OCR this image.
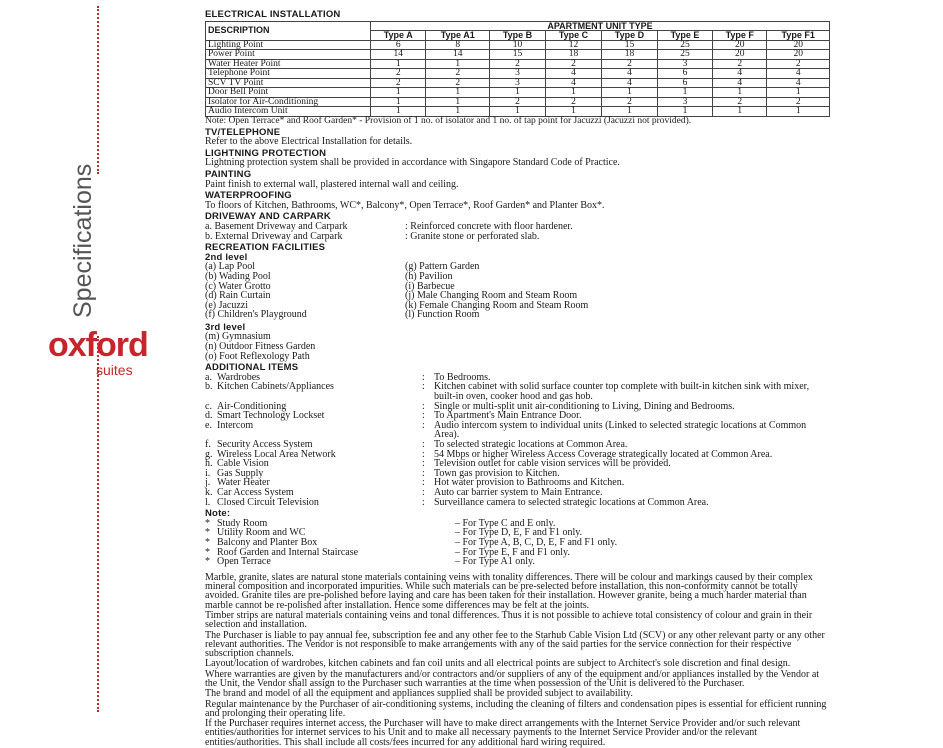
Specifications
oxford
suites
ELECTRICAL INSTALLATION
DESCRIPTION	APARTMENT UNIT TYPE							
	Type A	Type A1	Type B	Type C	Type D	Type E	Type F	Type F1
Lighting Point	6	8	10	12	15	25	20	20
Power Point	14	14	15	18	18	25	20	20
Water Heater Point	1	1	2	2	2	3	2	2
Telephone Point	2	2	3	4	4	6	4	4
SCV TV Point	2	2	3	4	4	6	4	4
Door Bell Point	1	1	1	1	1	1	1	1
Isolator for Air-Conditioning	1	1	2	2	2	3	2	2
Audio Intercom Unit	1	1	1	1	1	1	1	1
Note: Open Terrace* and Roof Garden* - Provision of 1 no. of isolator and 1 no. of tap point for Jacuzzi (Jacuzzi not provided).
TV/TELEPHONE
Refer to the above Electrical Installation for details.
LIGHTNING PROTECTION
Lightning protection system shall be provided in accordance with Singapore Standard Code of Practice.
PAINTING
Paint finish to external wall, plastered internal wall and ceiling.
WATERPROOFING
To floors of Kitchen, Bathrooms, WC*, Balcony*, Open Terrace*, Roof Garden* and Planter Box*.
DRIVEWAY AND CARPARK
a. Basement Driveway and Carpark	: Reinforced concrete with floor hardener.
b. External Driveway and Carpark	: Granite stone or perforated slab.
RECREATION FACILITIES
2nd level
(a) Lap Pool
(b) Wading Pool
(c) Water Grotto
(d) Rain Curtain
(e) Jacuzzi
(f) Children's Playground
(g) Pattern Garden
(h) Pavilion
(i) Barbecue
(j) Male Changing Room and Steam Room
(k) Female Changing Room and Steam Room
(l) Function Room
3rd level
(m) Gymnasium
(n) Outdoor Fitness Garden
(o) Foot Reflexology Path
ADDITIONAL ITEMS
a. Wardrobes	: To Bedrooms.
b. Kitchen Cabinets/Appliances	: Kitchen cabinet with solid surface counter top complete with built-in kitchen sink with mixer, built-in oven, cooker hood and gas hob.
c. Air-Conditioning	: Single or multi-split unit air-conditioning to Living, Dining and Bedrooms.
d. Smart Technology Lockset	: To Apartment's Main Entrance Door.
e. Intercom	: Audio intercom system to individual units (Linked to selected strategic locations at Common Area).
f. Security Access System	: To selected strategic locations at Common Area.
g. Wireless Local Area Network	: 54 Mbps or higher Wireless Access Coverage strategically located at Common Area.
h. Cable Vision	: Television outlet for cable vision services will be provided.
i. Gas Supply	: Town gas provision to Kitchen.
j. Water Heater	: Hot water provision to Bathrooms and Kitchen.
k. Car Access System	: Auto car barrier system to Main Entrance.
l. Closed Circuit Television	: Surveillance camera to selected strategic locations at Common Area.
Note:
* Study Room	– For Type C and E only.
* Utility Room and WC	– For Type D, E, F and F1 only.
* Balcony and Planter Box	– For Type A, B, C, D, E, F and F1 only.
* Roof Garden and Internal Staircase	– For Type E, F and F1 only.
* Open Terrace	– For Type A1 only.
Marble, granite, slates are natural stone materials containing veins with tonality differences. There will be colour and markings caused by their complex mineral composition and incorporated impurities. While such materials can be pre-selected before installation, this non-conformity cannot be totally avoided. Granite tiles are pre-polished before laying and care has been taken for their installation. However granite, being a much harder material than marble cannot be re-polished after installation. Hence some differences may be felt at the joints.
Timber strips are natural materials containing veins and tonal differences. Thus it is not possible to achieve total consistency of colour and grain in their selection and installation.
The Purchaser is liable to pay annual fee, subscription fee and any other fee to the Starhub Cable Vision Ltd (SCV) or any other relevant party or any other relevant authorities. The Vendor is not responsible to make arrangements with any of the said parties for the service connection for their respective subscription channels.
Layout/location of wardrobes, kitchen cabinets and fan coil units and all electrical points are subject to Architect's sole discretion and final design.
Where warranties are given by the manufacturers and/or contractors and/or suppliers of any of the equipment and/or appliances installed by the Vendor at the Unit, the Vendor shall assign to the Purchaser such warranties at the time when possession of the Unit is delivered to the Purchaser.
The brand and model of all the equipment and appliances supplied shall be provided subject to availability.
Regular maintenance by the Purchaser of air-conditioning systems, including the cleaning of filters and condensation pipes is essential for efficient running and prolonging their operating life.
If the Purchaser requires internet access, the Purchaser will have to make direct arrangements with the Internet Service Provider and/or such relevant entities/authorities for internet services to his Unit and to make all necessary payments to the Internet Service Provider and/or the relevant entities/authorities. This shall include all costs/fees incurred for any additional hard wiring required.
